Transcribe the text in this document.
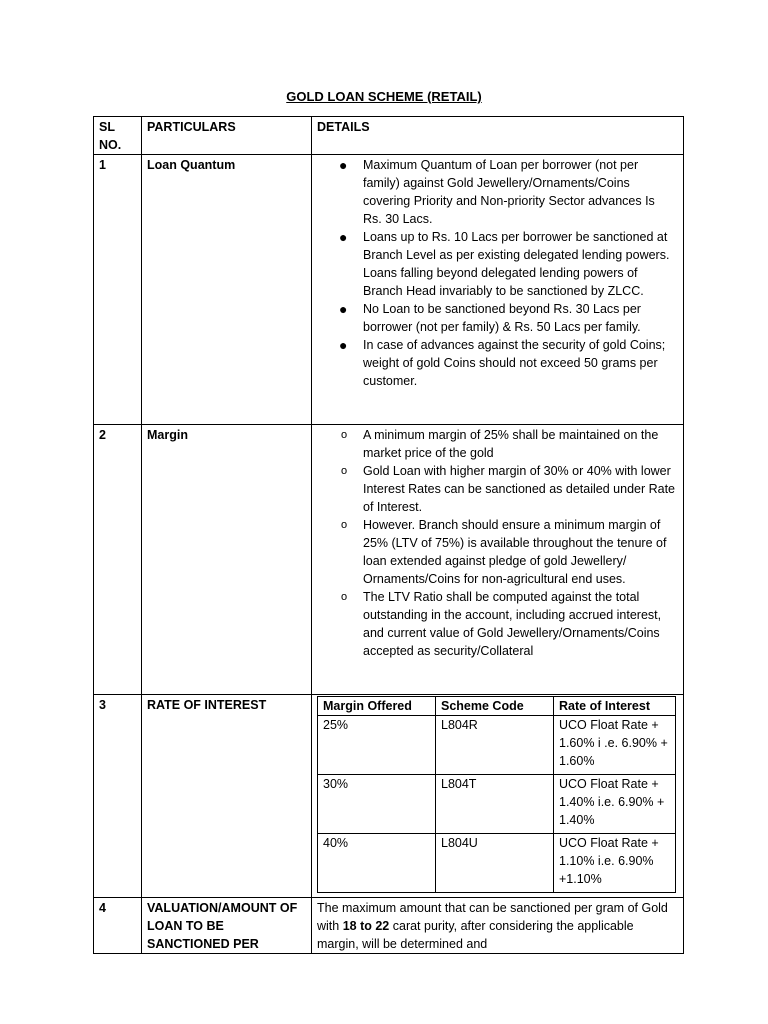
GOLD LOAN SCHEME (RETAIL)
SL NO.	PARTICULARS	DETAILS
1	Loan Quantum	● Maximum Quantum of Loan per borrower (not per family) against Gold Jewellery/Ornaments/Coins covering Priority and Non-priority Sector advances Is Rs. 30 Lacs.
● Loans up to Rs. 10 Lacs per borrower be sanctioned at Branch Level as per existing delegated lending powers. Loans falling beyond delegated lending powers of Branch Head invariably to be sanctioned by ZLCC.
● No Loan to be sanctioned beyond Rs. 30 Lacs per borrower (not per family) & Rs. 50 Lacs per family.
● In case of advances against the security of gold Coins; weight of gold Coins should not exceed 50 grams per customer.

2	Margin	o A minimum margin of 25% shall be maintained on the market price of the gold
o Gold Loan with higher margin of 30% or 40% with lower Interest Rates can be sanctioned as detailed under Rate of Interest.
o However. Branch should ensure a minimum margin of 25% (LTV of 75%) is available throughout the tenure of loan extended against pledge of gold Jewellery/ Ornaments/Coins for non-agricultural end uses.
o The LTV Ratio shall be computed against the total outstanding in the account, including accrued interest, and current value of Gold Jewellery/Ornaments/Coins accepted as security/Collateral

3	RATE OF INTEREST		Margin Offered	Scheme Code	Rate of Interest
25%	L804R	UCO Float Rate + 1.60% i .e. 6.90% + 1.60%
30%	L804T	UCO Float Rate + 1.40% i.e. 6.90% + 1.40%
40%	L804U	UCO Float Rate + 1.10% i.e. 6.90% +1.10%

4	VALUATION/AMOUNT OF LOAN TO BE SANCTIONED PER	The maximum amount that can be sanctioned per gram of Gold with 18 to 22 carat purity, after considering the applicable margin, will be determined and
